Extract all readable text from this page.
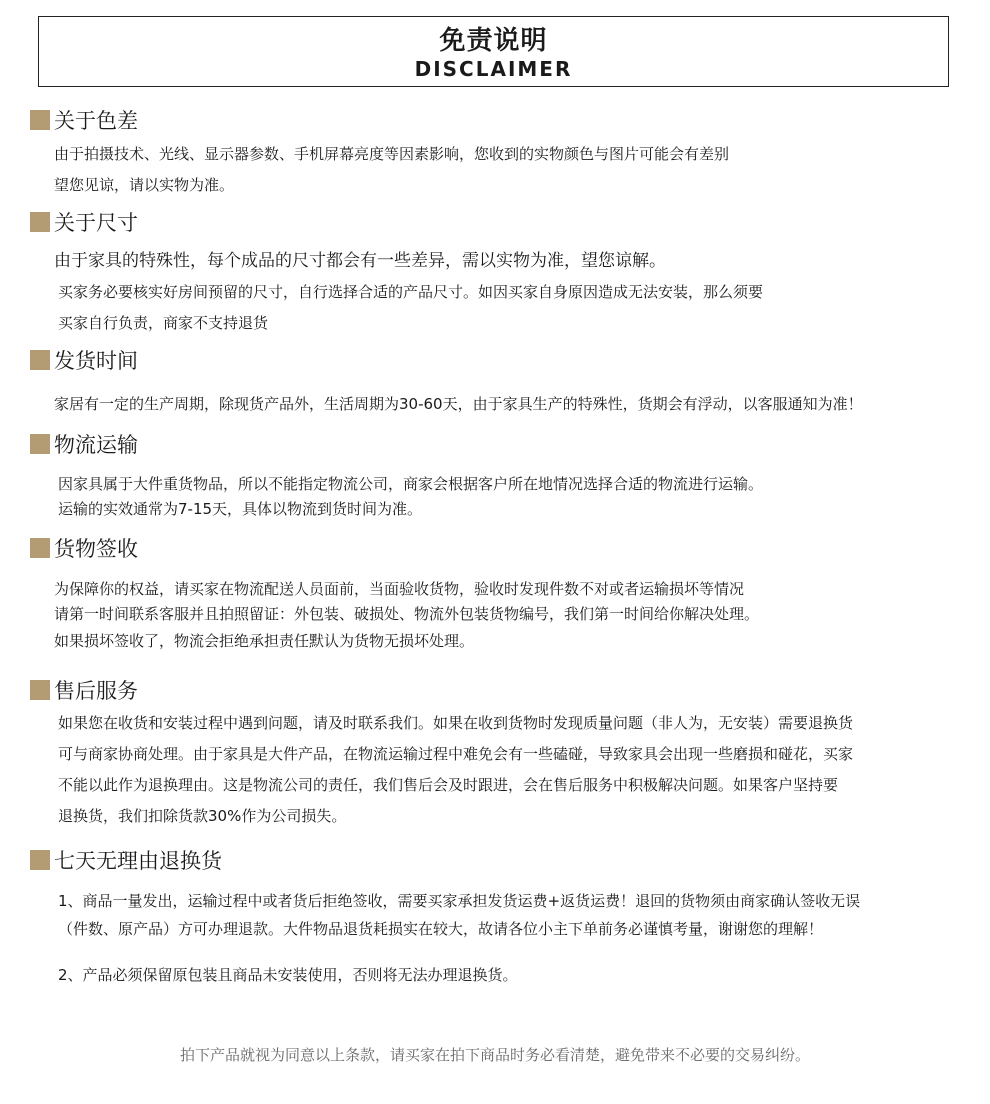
免责说明
DISCLAIMER
关于色差
由于拍摄技术、光线、显示器参数、手机屏幕亮度等因素影响，您收到的实物颜色与图片可能会有差别
望您见谅，请以实物为准。
关于尺寸
由于家具的特殊性，每个成品的尺寸都会有一些差异，需以实物为准，望您谅解。
买家务必要核实好房间预留的尺寸，自行选择合适的产品尺寸。如因买家自身原因造成无法安装，那么须要
买家自行负责，商家不支持退货
发货时间
家居有一定的生产周期，除现货产品外，生活周期为30-60天，由于家具生产的特殊性，货期会有浮动，以客服通知为准！
物流运输
因家具属于大件重货物品，所以不能指定物流公司，商家会根据客户所在地情况选择合适的物流进行运输。
运输的实效通常为7-15天，具体以物流到货时间为准。
货物签收
为保障你的权益，请买家在物流配送人员面前，当面验收货物，验收时发现件数不对或者运输损坏等情况
请第一时间联系客服并且拍照留证：外包装、破损处、物流外包装货物编号，我们第一时间给你解决处理。
如果损坏签收了，物流会拒绝承担责任默认为货物无损坏处理。
售后服务
如果您在收货和安装过程中遇到问题，请及时联系我们。如果在收到货物时发现质量问题（非人为，无安装）需要退换货
可与商家协商处理。由于家具是大件产品，在物流运输过程中难免会有一些磕碰，导致家具会出现一些磨损和碰花，买家
不能以此作为退换理由。这是物流公司的责任，我们售后会及时跟进，会在售后服务中积极解决问题。如果客户坚持要
退换货，我们扣除货款30%作为公司损失。
七天无理由退换货
1、商品一量发出，运输过程中或者货后拒绝签收，需要买家承担发货运费+返货运费！退回的货物须由商家确认签收无误
（件数、原产品）方可办理退款。大件物品退货耗损实在较大，故请各位小主下单前务必谨慎考量，谢谢您的理解！
2、产品必须保留原包装且商品未安装使用，否则将无法办理退换货。
拍下产品就视为同意以上条款，请买家在拍下商品时务必看清楚，避免带来不必要的交易纠纷。
